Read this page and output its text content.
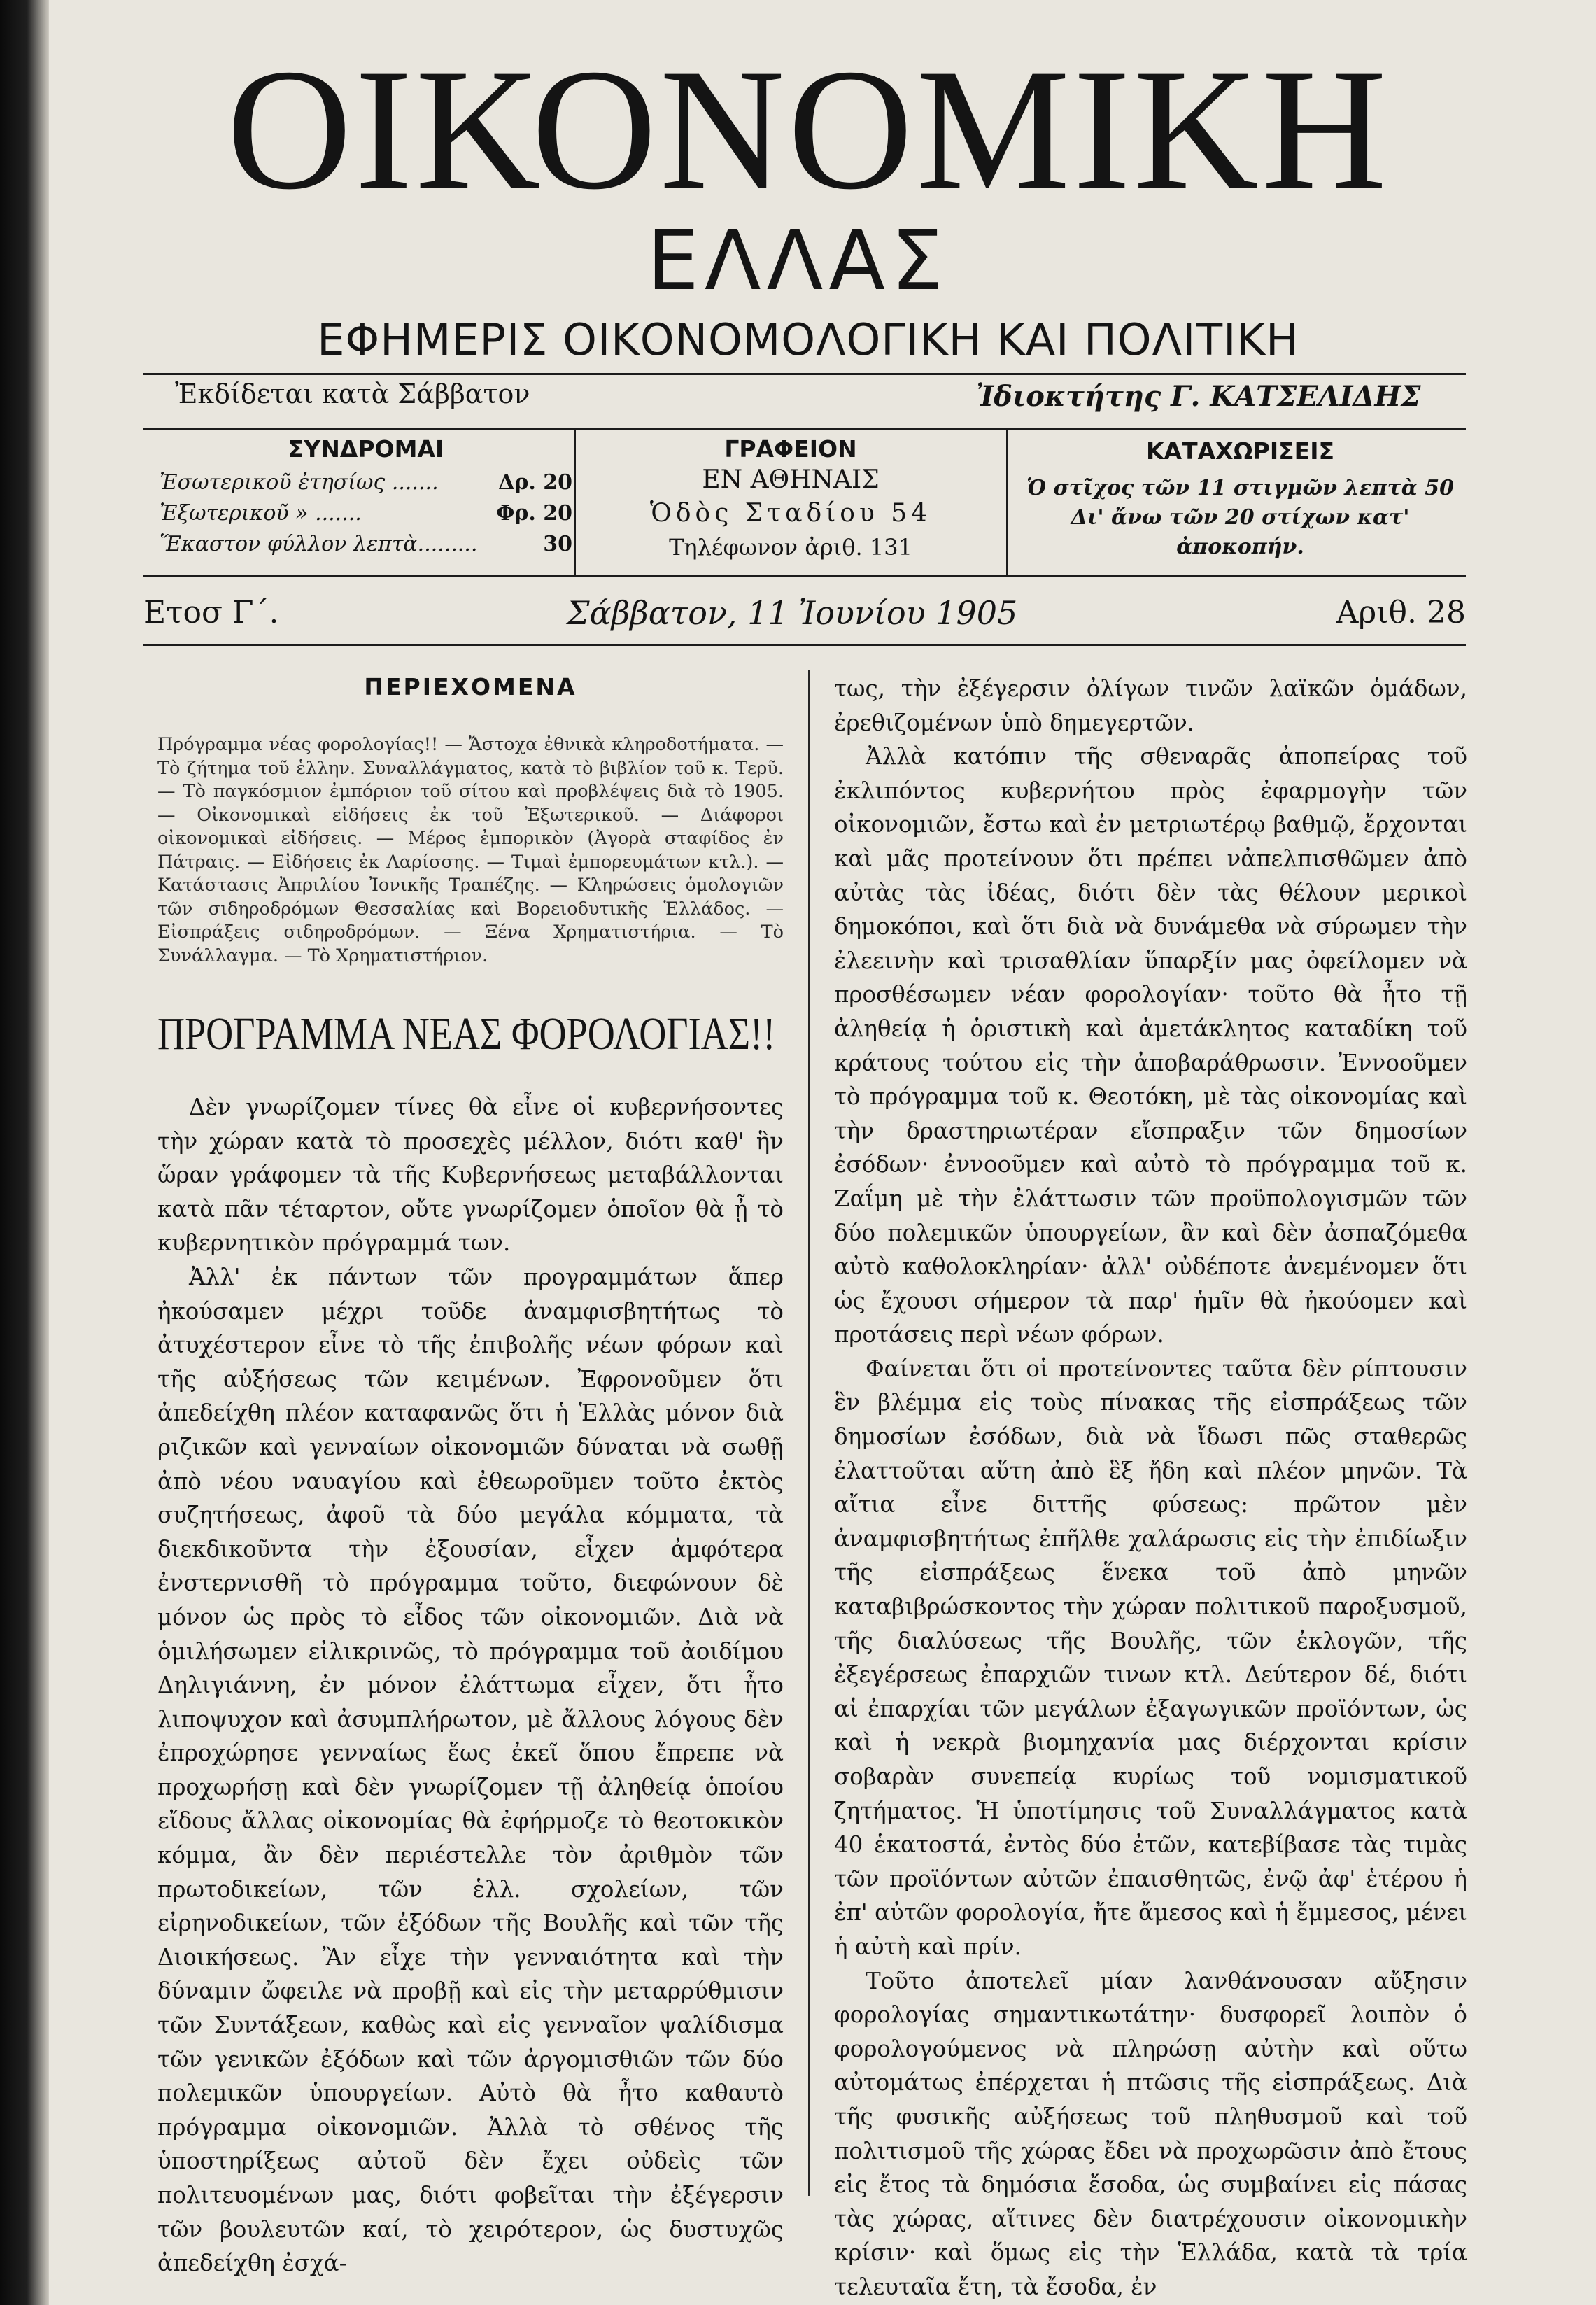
ΟΙΚΟΝΟΜΙΚΗ
ΕΛΛΑΣ
ΕΦΗΜΕΡΙΣ ΟΙΚΟΝΟΜΟΛΟΓΙΚΗ ΚΑΙ ΠΟΛΙΤΙΚΗ
Ἐκδίδεται κατὰ Σάββατον	Ἰδιοκτήτης Γ. ΚΑΤΣΕΛΙΔΗΣ
ΣΥΝΔΡΟΜΑΙ
Ἐσωτερικοῦ ἐτησίως .......	Δρ. 20
Ἐξωτερικοῦ » .......	Φρ. 20
Ἕκαστον φύλλον λεπτὰ.........	30
ΓΡΑΦΕΙΟΝ
ΕΝ ΑΘΗΝΑΙΣ
Ὁδὸς Σταδίου 54
Τηλέφωνον ἀριθ. 131
ΚΑΤΑΧΩΡΙΣΕΙΣ
Ὁ στῖχος τῶν 11 στιγμῶν λεπτὰ 50 Δι' ἄνω τῶν 20 στίχων κατ' ἀποκοπήν.
Ετοσ Γ΄.	Σάββατον, 11 Ἰουνίου 1905	Αριθ. 28
ΠΕΡΙΕΧΟΜΕΝΑ
Πρόγραμμα νέας φορολογίας!! — Ἄστοχα ἐθνικὰ κληροδοτήματα. — Τὸ ζήτημα τοῦ ἑλλην. Συναλλάγματος, κατὰ τὸ βιβλίον τοῦ κ. Τερῦ. — Τὸ παγκόσμιον ἐμπόριον τοῦ σίτου καὶ προβλέψεις διὰ τὸ 1905. — Οἰκονομικαὶ εἰδήσεις ἐκ τοῦ Ἐξωτερικοῦ. — Διάφοροι οἰκονομικαὶ εἰδήσεις. — Μέρος ἐμπορικὸν (Ἀγορὰ σταφίδος ἐν Πάτραις. — Εἰδήσεις ἐκ Λαρίσσης. — Τιμαὶ ἐμπορευμάτων κτλ.). — Κατάστασις Ἀπριλίου Ἰονικῆς Τραπέζης. — Κληρώσεις ὁμολογιῶν τῶν σιδηροδρόμων Θεσσαλίας καὶ Βορειοδυτικῆς Ἑλλάδος. — Εἰσπράξεις σιδηροδρόμων. — Ξένα Χρηματιστήρια. — Τὸ Συνάλλαγμα. — Τὸ Χρηματιστήριον.
ΠΡΟΓΡΑΜΜΑ ΝΕΑΣ ΦΟΡΟΛΟΓΙΑΣ!!

Δὲν γνωρίζομεν τίνες θὰ εἶνε οἱ κυβερνήσοντες τὴν χώραν κατὰ τὸ προσεχὲς μέλλον, διότι καθ' ἣν ὥραν γράφομεν τὰ τῆς Κυβερνήσεως μεταβάλλονται κατὰ πᾶν τέταρτον, οὔτε γνωρίζομεν ὁποῖον θὰ ᾖ τὸ κυβερνητικὸν πρόγραμμά των.

Ἀλλ' ἐκ πάντων τῶν προγραμμάτων ἅπερ ἠκούσαμεν μέχρι τοῦδε ἀναμφισβητήτως τὸ ἀτυχέστερον εἶνε τὸ τῆς ἐπιβολῆς νέων φόρων καὶ τῆς αὐξήσεως τῶν κειμένων. Ἐφρονοῦμεν ὅτι ἀπεδείχθη πλέον καταφανῶς ὅτι ἡ Ἑλλὰς μόνον διὰ ριζικῶν καὶ γενναίων οἰκονομιῶν δύναται νὰ σωθῇ ἀπὸ νέου ναυαγίου καὶ ἐθεωροῦμεν τοῦτο ἐκτὸς συζητήσεως, ἀφοῦ τὰ δύο μεγάλα κόμματα, τὰ διεκδικοῦντα τὴν ἐξουσίαν, εἶχεν ἀμφότερα ἐνστερνισθῆ τὸ πρόγραμμα τοῦτο, διεφώνουν δὲ μόνον ὡς πρὸς τὸ εἶδος τῶν οἰκονομιῶν. Διὰ νὰ ὁμιλήσωμεν εἰλικρινῶς, τὸ πρόγραμμα τοῦ ἀοιδίμου Δηλιγιάννη, ἐν μόνον ἐλάττωμα εἶχεν, ὅτι ἦτο λιποψυχον καὶ ἀσυμπλήρωτον, μὲ ἄλλους λόγους δὲν ἐπροχώρησε γενναίως ἕως ἐκεῖ ὅπου ἔπρεπε νὰ προχωρήσῃ καὶ δὲν γνωρίζομεν τῇ ἀληθείᾳ ὁποίου εἴδους ἄλλας οἰκονομίας θὰ ἐφήρμοζε τὸ θεοτοκικὸν κόμμα, ἂν δὲν περιέστελλε τὸν ἀριθμὸν τῶν πρωτοδικείων, τῶν ἑλλ. σχολείων, τῶν εἰρηνοδικείων, τῶν ἐξόδων τῆς Βουλῆς καὶ τῶν τῆς Διοικήσεως. Ἂν εἶχε τὴν γενναιότητα καὶ τὴν δύναμιν ὤφειλε νὰ προβῇ καὶ εἰς τὴν μεταρρύθμισιν τῶν Συντάξεων, καθὼς καὶ εἰς γενναῖον ψαλίδισμα τῶν γενικῶν ἐξόδων καὶ τῶν ἀργομισθιῶν τῶν δύο πολεμικῶν ὑπουργείων. Αὐτὸ θὰ ἦτο καθαυτὸ πρόγραμμα οἰκονομιῶν. Ἀλλὰ τὸ σθένος τῆς ὑποστηρίξεως αὐτοῦ δὲν ἔχει οὐδεὶς τῶν πολιτευομένων μας, διότι φοβεῖται τὴν ἐξέγερσιν τῶν βουλευτῶν καί, τὸ χειρότερον, ὡς δυστυχῶς ἀπεδείχθη ἐσχά-

τως, τὴν ἐξέγερσιν ὀλίγων τινῶν λαϊκῶν ὁμάδων, ἐρεθιζομένων ὑπὸ δημεγερτῶν.

Ἀλλὰ κατόπιν τῆς σθεναρᾶς ἀποπείρας τοῦ ἐκλιπόντος κυβερνήτου πρὸς ἐφαρμογὴν τῶν οἰκονομιῶν, ἔστω καὶ ἐν μετριωτέρῳ βαθμῷ, ἔρχονται καὶ μᾶς προτείνουν ὅτι πρέπει νἀπελπισθῶμεν ἀπὸ αὐτὰς τὰς ἰδέας, διότι δὲν τὰς θέλουν μερικοὶ δημοκόποι, καὶ ὅτι διὰ νὰ δυνάμεθα νὰ σύρωμεν τὴν ἐλεεινὴν καὶ τρισαθλίαν ὕπαρξίν μας ὀφείλομεν νὰ προσθέσωμεν νέαν φορολογίαν· τοῦτο θὰ ἦτο τῇ ἀληθείᾳ ἡ ὁριστικὴ καὶ ἀμετάκλητος καταδίκη τοῦ κράτους τούτου εἰς τὴν ἀποβαράθρωσιν. Ἐννοοῦμεν τὸ πρόγραμμα τοῦ κ. Θεοτόκη, μὲ τὰς οἰκονομίας καὶ τὴν δραστηριωτέραν εἴσπραξιν τῶν δημοσίων ἐσόδων· ἐννοοῦμεν καὶ αὐτὸ τὸ πρόγραμμα τοῦ κ. Ζαΐμη μὲ τὴν ἐλάττωσιν τῶν προϋπολογισμῶν τῶν δύο πολεμικῶν ὑπουργείων, ἂν καὶ δὲν ἀσπαζόμεθα αὐτὸ καθολοκληρίαν· ἀλλ' οὐδέποτε ἀνεμένομεν ὅτι ὡς ἔχουσι σήμερον τὰ παρ' ἡμῖν θὰ ἠκούομεν καὶ προτάσεις περὶ νέων φόρων.

Φαίνεται ὅτι οἱ προτείνοντες ταῦτα δὲν ρίπτουσιν ἓν βλέμμα εἰς τοὺς πίνακας τῆς εἰσπράξεως τῶν δημοσίων ἐσόδων, διὰ νὰ ἴδωσι πῶς σταθερῶς ἐλαττοῦται αὕτη ἀπὸ ἓξ ἤδη καὶ πλέον μηνῶν. Τὰ αἴτια εἶνε διττῆς φύσεως: πρῶτον μὲν ἀναμφισβητήτως ἐπῆλθε χαλάρωσις εἰς τὴν ἐπιδίωξιν τῆς εἰσπράξεως ἕνεκα τοῦ ἀπὸ μηνῶν καταβιβρώσκοντος τὴν χώραν πολιτικοῦ παροξυσμοῦ, τῆς διαλύσεως τῆς Βουλῆς, τῶν ἐκλογῶν, τῆς ἐξεγέρσεως ἐπαρχιῶν τινων κτλ. Δεύτερον δέ, διότι αἱ ἐπαρχίαι τῶν μεγάλων ἐξαγωγικῶν προϊόντων, ὡς καὶ ἡ νεκρὰ βιομηχανία μας διέρχονται κρίσιν σοβαρὰν συνεπείᾳ κυρίως τοῦ νομισματικοῦ ζητήματος. Ἡ ὑποτίμησις τοῦ Συναλλάγματος κατὰ 40 ἑκατοστά, ἐντὸς δύο ἐτῶν, κατεβίβασε τὰς τιμὰς τῶν προϊόντων αὐτῶν ἐπαισθητῶς, ἐνῷ ἀφ' ἑτέρου ἡ ἐπ' αὐτῶν φορολογία, ἤτε ἄμεσος καὶ ἡ ἔμμεσος, μένει ἡ αὐτὴ καὶ πρίν.

Τοῦτο ἀποτελεῖ μίαν λανθάνουσαν αὔξησιν φορολογίας σημαντικωτάτην· δυσφορεῖ λοιπὸν ὁ φορολογούμενος νὰ πληρώσῃ αὐτὴν καὶ οὕτω αὐτομάτως ἐπέρχεται ἡ πτῶσις τῆς εἰσπράξεως. Διὰ τῆς φυσικῆς αὐξήσεως τοῦ πληθυσμοῦ καὶ τοῦ πολιτισμοῦ τῆς χώρας ἔδει νὰ προχωρῶσιν ἀπὸ ἔτους εἰς ἔτος τὰ δημόσια ἔσοδα, ὡς συμβαίνει εἰς πάσας τὰς χώρας, αἵτινες δὲν διατρέχουσιν οἰκονομικὴν κρίσιν· καὶ ὅμως εἰς τὴν Ἑλλάδα, κατὰ τὰ τρία τελευταῖα ἔτη, τὰ ἔσοδα, ἐν
